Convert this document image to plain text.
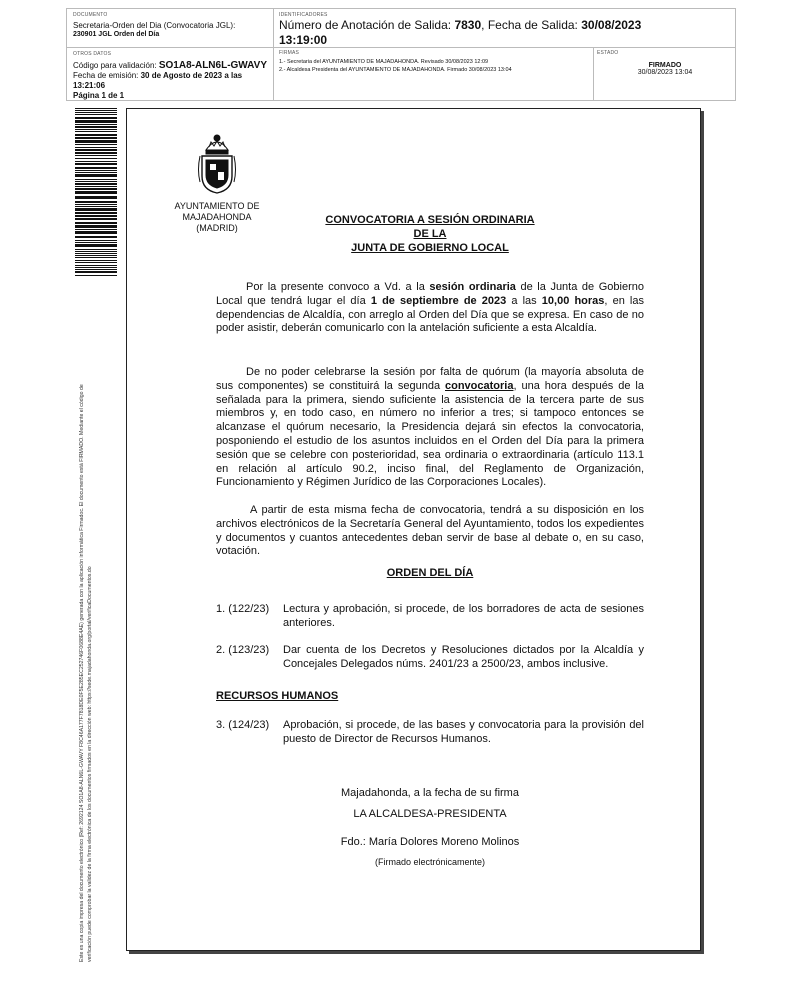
DOCUMENTO
Secretaria-Orden del Dia (Convocatoria JGL):
230901 JGL Orden del Día
IDENTIFICADORES
Número de Anotación de Salida: 7830, Fecha de Salida: 30/08/2023
13:19:00
OTROS DATOS
Código para validación: SO1A8-ALN6L-GWAVY
Fecha de emisión: 30 de Agosto de 2023 a las 13:21:06
Página 1 de 1
FIRMAS
1.- Secretaria del AYUNTAMIENTO DE MAJADAHONDA. Revisado 30/08/2023 12:09
2.- Alcaldesa Presidenta del AYUNTAMIENTO DE MAJADAHONDA. Firmado 30/08/2023 13:04
ESTADO
FIRMADO
30/08/2023 13:04
Este es una copia impresa del documento electrónico (Ref: 2692124 SO1A8-ALN6L-GWAVY F8C46A177F7818DE0F5E285EC252746F0688E4AE) generada con la aplicación informática Firmadoc. El documento está FIRMADO. Mediante el código de verificación puede comprobar la validez de la firma electrónica de los documentos firmados en la dirección web: https://sede.majadahonda.org/portal/verificaDocumentos.do
AYUNTAMIENTO DE
MAJADAHONDA
(MADRID)
CONVOCATORIA A SESIÓN ORDINARIA
DE LA
JUNTA DE GOBIERNO LOCAL
Por la presente convoco a Vd. a la sesión ordinaria de la Junta de Gobierno Local que tendrá lugar el día 1 de septiembre de 2023 a las 10,00 horas, en las dependencias de Alcaldía, con arreglo al Orden del Día que se expresa. En caso de no poder asistir, deberán comunicarlo con la antelación suficiente a esta Alcaldía.
De no poder celebrarse la sesión por falta de quórum (la mayoría absoluta de sus componentes) se constituirá la segunda convocatoria, una hora después de la señalada para la primera, siendo suficiente la asistencia de la tercera parte de sus miembros y, en todo caso, en número no inferior a tres; si tampoco entonces se alcanzase el quórum necesario, la Presidencia dejará sin efectos la convocatoria, posponiendo el estudio de los asuntos incluidos en el Orden del Día para la primera sesión que se celebre con posterioridad, sea ordinaria o extraordinaria (artículo 113.1 en relación al artículo 90.2, inciso final, del Reglamento de Organización, Funcionamiento y Régimen Jurídico de las Corporaciones Locales).
A partir de esta misma fecha de convocatoria, tendrá a su disposición en los archivos electrónicos de la Secretaría General del Ayuntamiento, todos los expedientes y documentos y cuantos antecedentes deban servir de base al debate o, en su caso, votación.
ORDEN DEL DÍA
1. (122/23)	Lectura y aprobación, si procede, de los borradores de acta de sesiones anteriores.
2. (123/23)	Dar cuenta de los Decretos y Resoluciones dictados por la Alcaldía y Concejales Delegados núms. 2401/23 a 2500/23, ambos inclusive.
RECURSOS HUMANOS
3. (124/23)	Aprobación, si procede, de las bases y convocatoria para la provisión del puesto de Director de Recursos Humanos.
Majadahonda, a la fecha de su firma
LA ALCALDESA-PRESIDENTA
Fdo.: María Dolores Moreno Molinos
(Firmado electrónicamente)
